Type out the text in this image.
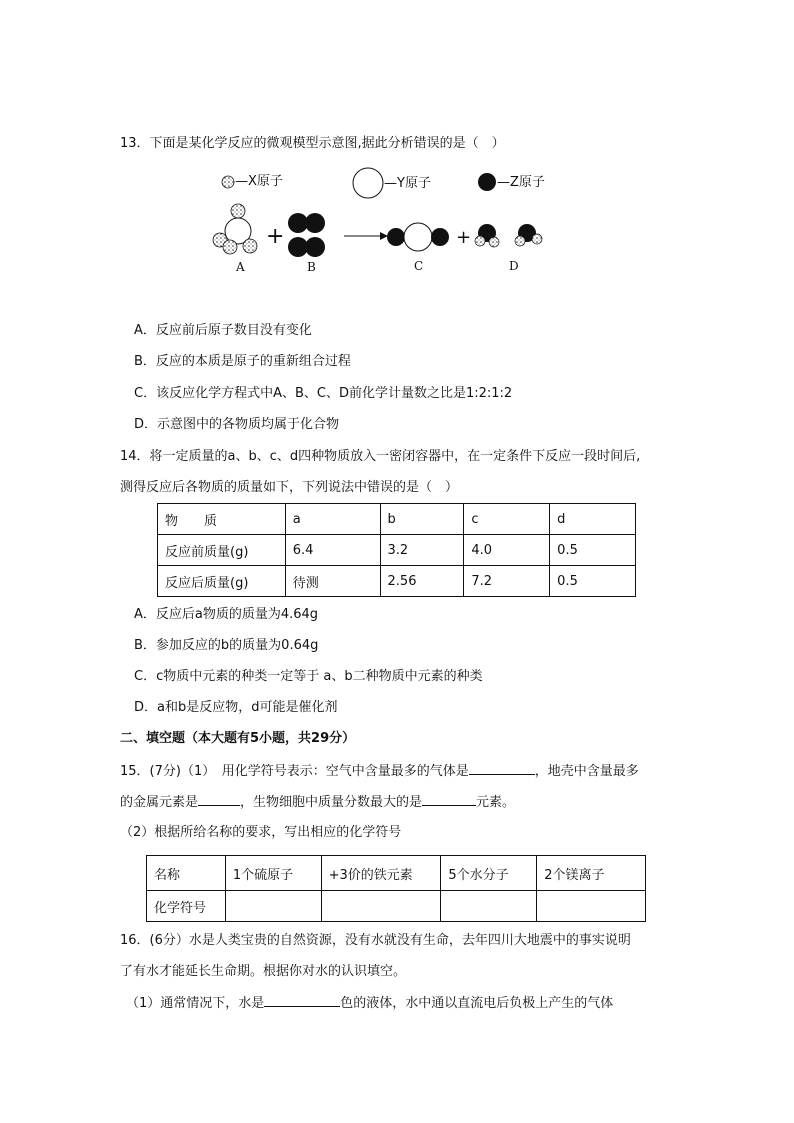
13．下面是某化学反应的微观模型示意图,据此分析错误的是（　）
+	+
—X原子	—Y原子	—Z原子
A	B	C	D
A．反应前后原子数目没有变化
B．反应的本质是原子的重新组合过程
C．该反应化学方程式中A、B、C、D前化学计量数之比是1:2:1:2
D．示意图中的各物质均属于化合物
14．将一定质量的a、b、c、d四种物质放入一密闭容器中，在一定条件下反应一段时间后,
测得反应后各物质的质量如下，下列说法中错误的是（　）
物　　质	a	b	c	d
反应前质量(g)	6.4	3.2	4.0	0.5
反应后质量(g)	待测	2.56	7.2	0.5
A．反应后a物质的质量为4.64g
B．参加反应的b的质量为0.64g
C．c物质中元素的种类一定等于 a、b二种物质中元素的种类
D．a和b是反应物，d可能是催化剂
二、填空题（本大题有5小题，共29分）
15．(7分)（1）　用化学符号表示：空气中含量最多的气体是	，地壳中含量最多
的金属元素是	，生物细胞中质量分数最大的是	元素。
（2）根据所给名称的要求，写出相应的化学符号
名称	1个硫原子	+3价的铁元素	5个水分子	2个镁离子
化学符号				
16．(6分）水是人类宝贵的自然资源，没有水就没有生命，去年四川大地震中的事实说明
了有水才能延长生命期。根据你对水的认识填空。
（1）通常情况下，水是	色的液体，水中通以直流电后负极上产生的气体
